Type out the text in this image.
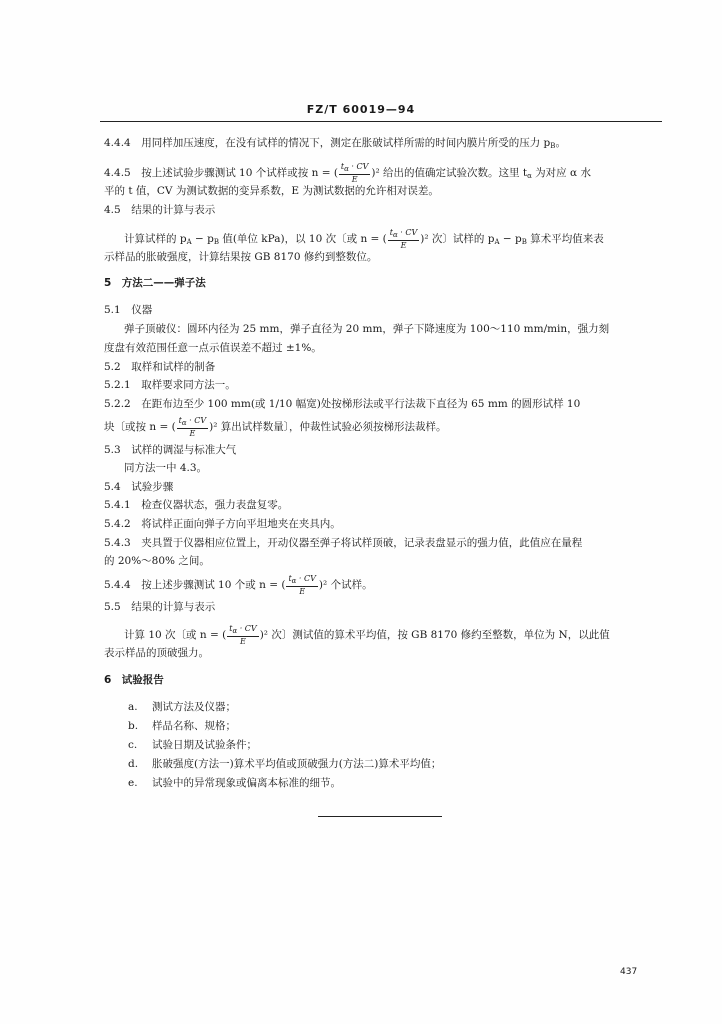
FZ/T 60019—94
4.4.4　用同样加压速度，在没有试样的情况下，测定在胀破试样所需的时间内膜片所受的压力 $p_B$。
4.4.5　按上述试验步骤测试 10 个试样或按 n = ( $\frac{t\alpha \cdot CV}{E} )^2$ 给出的值确定试验次数。这里 $t_\alpha$ 为对应 α 水
平的 t 值，CV 为测试数据的变异系数，E 为测试数据的允许相对误差。
4.5　结果的计算与表示
计算试样的 $p_A - p_B$ 值(单位 kPa)，以 10 次〔或 n = ( $\frac{t\alpha \cdot CV}{E} )^2$ 次〕试样的 $p_A - p_B$ 算术平均值来表
示样品的胀破强度，计算结果按 GB 8170 修约到整数位。
5　方法二——弹子法
5.1　仪器
弹子顶破仪：圆环内径为 25 mm，弹子直径为 20 mm，弹子下降速度为 100～110 mm/min，强力刻
度盘有效范围任意一点示值误差不超过 ±1%。
5.2　取样和试样的制备
5.2.1　取样要求同方法一。
5.2.2　在距布边至少 100 mm(或 1/10 幅宽)处按梯形法或平行法裁下直径为 65 mm 的圆形试样 10
块〔或按 n = ( $\frac{t\alpha \cdot CV}{E} )^2$ 算出试样数量〕，仲裁性试验必须按梯形法裁样。
5.3　试样的调湿与标准大气
同方法一中 4.3。
5.4　试验步骤
5.4.1　检查仪器状态，强力表盘复零。
5.4.2　将试样正面向弹子方向平坦地夹在夹具内。
5.4.3　夹具置于仪器相应位置上，开动仪器至弹子将试样顶破，记录表盘显示的强力值，此值应在量程
的 20%～80% 之间。
5.4.4　按上述步骤测试 10 个或 n = ( $\frac{t\alpha \cdot CV}{E} )^2$ 个试样。
5.5　结果的计算与表示
计算 10 次〔或 n = ( $\frac{t\alpha \cdot CV}{E} )^2$ 次〕测试值的算术平均值，按 GB 8170 修约至整数，单位为 N，以此值
表示样品的顶破强力。
6　试验报告
a. 测试方法及仪器；
b. 样品名称、规格；
c. 试验日期及试验条件；
d. 胀破强度(方法一)算术平均值或顶破强力(方法二)算术平均值；
e. 试验中的异常现象或偏离本标准的细节。
437
